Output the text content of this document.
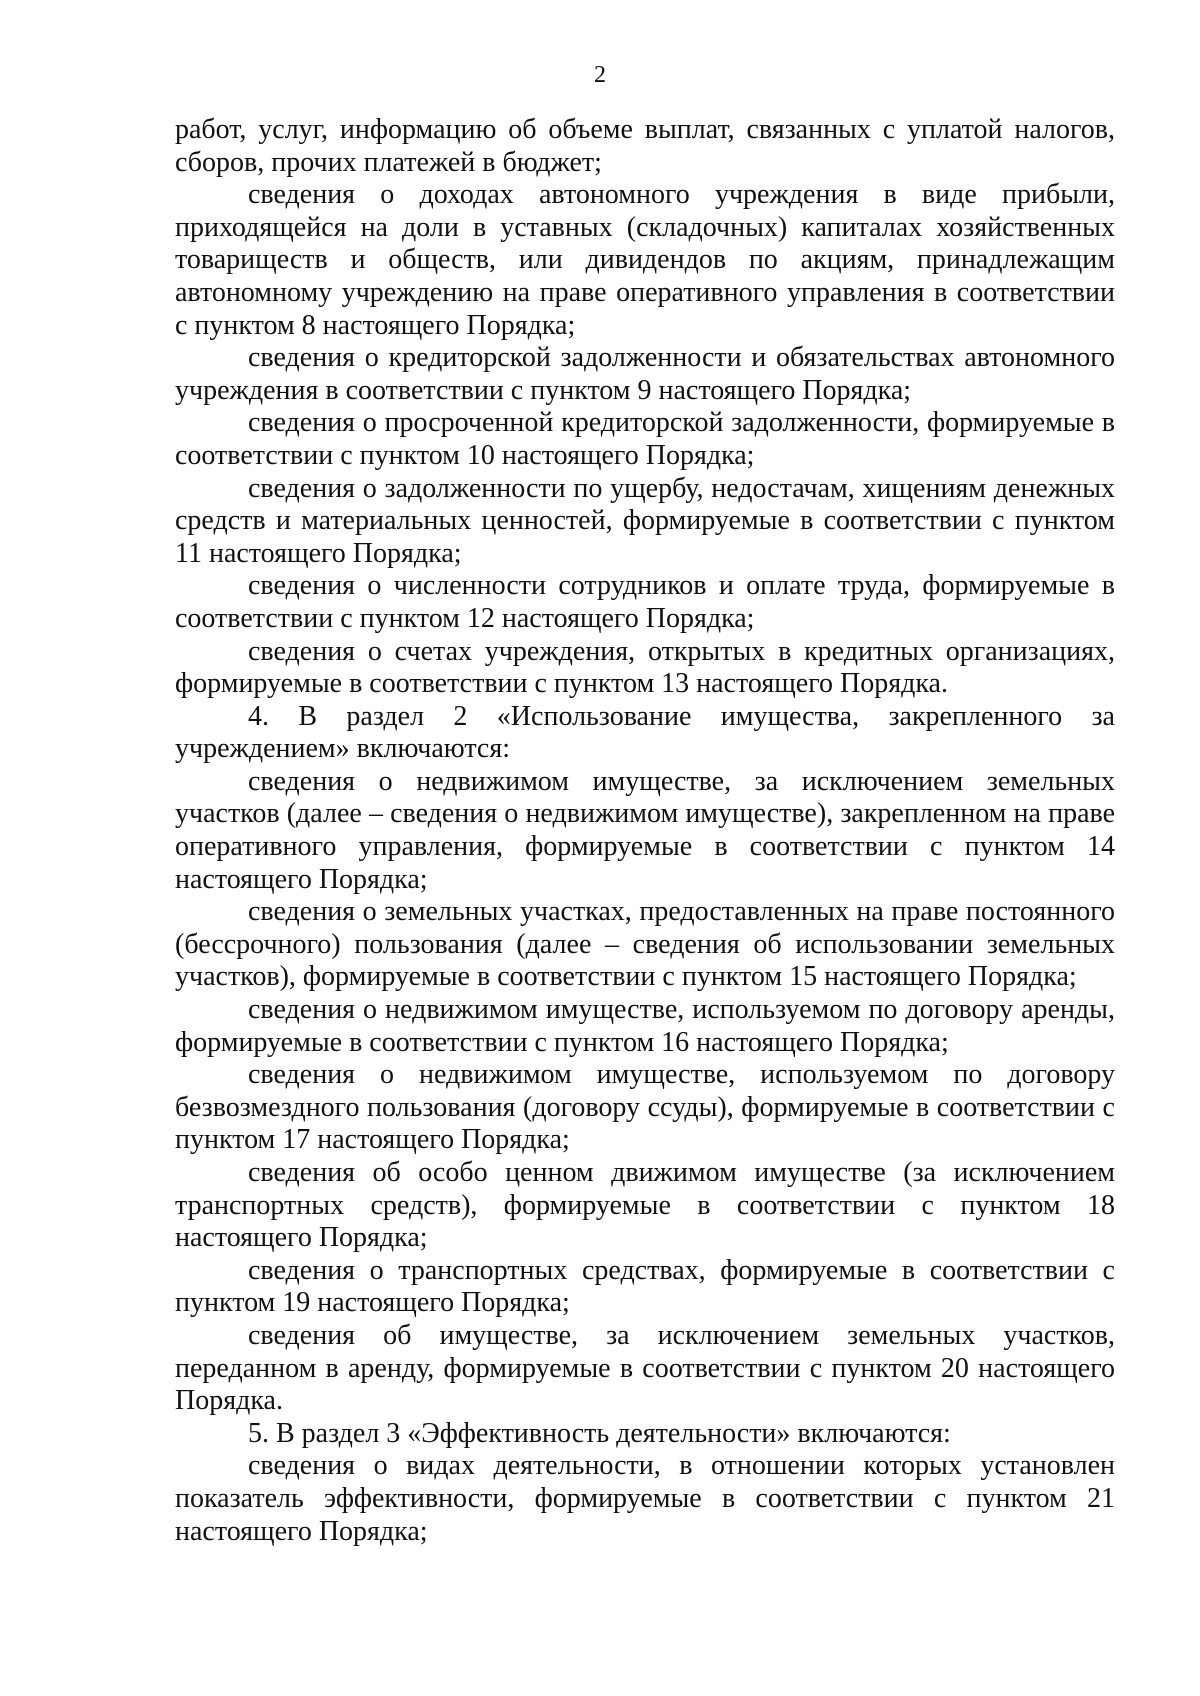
2

работ, услуг, информацию об объеме выплат, связанных с уплатой налогов, сборов, прочих платежей в бюджет;

сведения о доходах автономного учреждения в виде прибыли, приходящейся на доли в уставных (складочных) капиталах хозяйственных товариществ и обществ, или дивидендов по акциям, принадлежащим автономному учреждению на праве оперативного управления в соответствии с пунктом 8 настоящего Порядка;

сведения о кредиторской задолженности и обязательствах автономного учреждения в соответствии с пунктом 9 настоящего Порядка;

сведения о просроченной кредиторской задолженности, формируемые в соответствии с пунктом 10 настоящего Порядка;

сведения о задолженности по ущербу, недостачам, хищениям денежных средств и материальных ценностей, формируемые в соответствии с пунктом 11 настоящего Порядка;

сведения о численности сотрудников и оплате труда, формируемые в соответствии с пунктом 12 настоящего Порядка;

сведения о счетах учреждения, открытых в кредитных организациях, формируемые в соответствии с пунктом 13 настоящего Порядка.

4. В раздел 2 «Использование имущества, закрепленного за учреждением» включаются:

сведения о недвижимом имуществе, за исключением земельных участков (далее – сведения о недвижимом имуществе), закрепленном на праве оперативного управления, формируемые в соответствии с пунктом 14 настоящего Порядка;

сведения о земельных участках, предоставленных на праве постоянного (бессрочного) пользования (далее – сведения об использовании земельных участков), формируемые в соответствии с пунктом 15 настоящего Порядка;

сведения о недвижимом имуществе, используемом по договору аренды, формируемые в соответствии с пунктом 16 настоящего Порядка;

сведения о недвижимом имуществе, используемом по договору безвозмездного пользования (договору ссуды), формируемые в соответствии с пунктом 17 настоящего Порядка;

сведения об особо ценном движимом имуществе (за исключением транспортных средств), формируемые в соответствии с пунктом 18 настоящего Порядка;

сведения о транспортных средствах, формируемые в соответствии с пунктом 19 настоящего Порядка;

сведения об имуществе, за исключением земельных участков, переданном в аренду, формируемые в соответствии с пунктом 20 настоящего Порядка.

5. В раздел 3 «Эффективность деятельности» включаются:

сведения о видах деятельности, в отношении которых установлен показатель эффективности, формируемые в соответствии с пунктом 21 настоящего Порядка;
